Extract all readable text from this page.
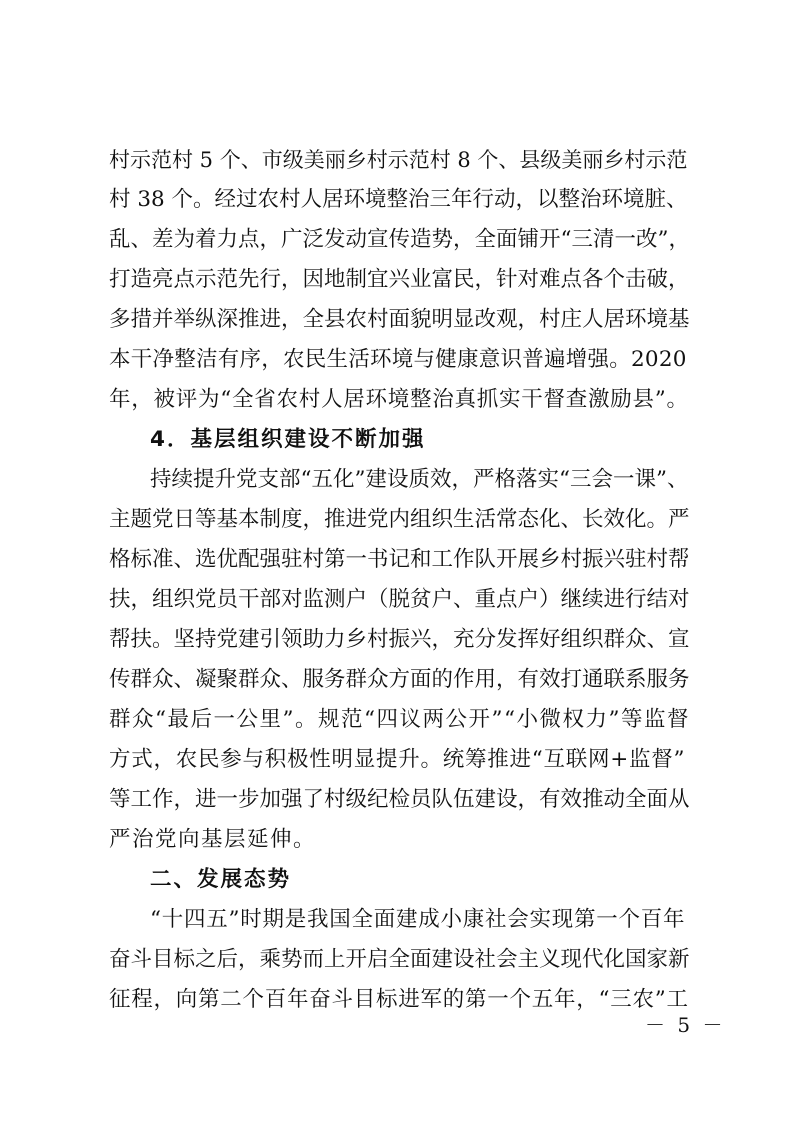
村示范村 5 个、市级美丽乡村示范村 8 个、县级美丽乡村示范
村 38 个。经过农村人居环境整治三年行动，以整治环境脏、
乱、差为着力点，广泛发动宣传造势，全面铺开“三清一改”，
打造亮点示范先行，因地制宜兴业富民，针对难点各个击破，
多措并举纵深推进，全县农村面貌明显改观，村庄人居环境基
本干净整洁有序，农民生活环境与健康意识普遍增强。2020
年，被评为“全省农村人居环境整治真抓实干督查激励县”。
4．基层组织建设不断加强
持续提升党支部“五化”建设质效，严格落实“三会一课”、
主题党日等基本制度，推进党内组织生活常态化、长效化。严
格标准、选优配强驻村第一书记和工作队开展乡村振兴驻村帮
扶，组织党员干部对监测户（脱贫户、重点户）继续进行结对
帮扶。坚持党建引领助力乡村振兴，充分发挥好组织群众、宣
传群众、凝聚群众、服务群众方面的作用，有效打通联系服务
群众“最后一公里”。规范“四议两公开”“小微权力”等监督
方式，农民参与积极性明显提升。统筹推进“互联网+监督”
等工作，进一步加强了村级纪检员队伍建设，有效推动全面从
严治党向基层延伸。
二、发展态势
“十四五”时期是我国全面建成小康社会实现第一个百年
奋斗目标之后，乘势而上开启全面建设社会主义现代化国家新
征程，向第二个百年奋斗目标进军的第一个五年，“三农”工
－ 5 －
